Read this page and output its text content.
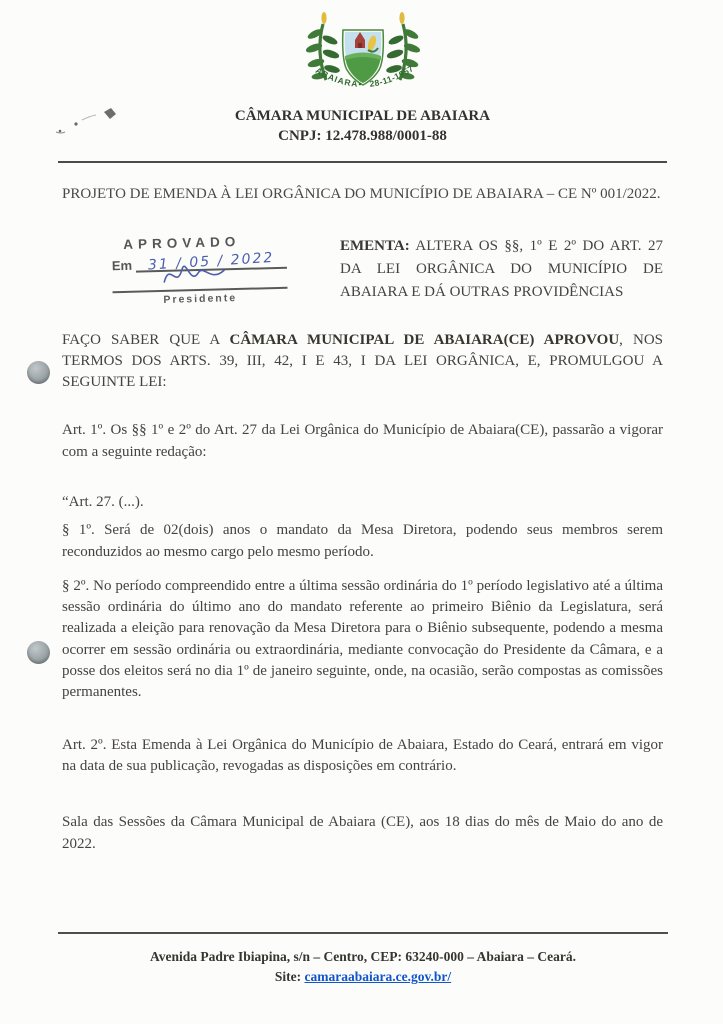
ABAIARA • 28-11-1957
CÂMARA MUNICIPAL DE ABAIARA
CNPJ: 12.478.988/0001-88

PROJETO DE EMENDA À LEI ORGÂNICA DO MUNICÍPIO DE ABAIARA – CE Nº 001/2022.

APROVADO
Em	31 / 05 / 2022
Presidente
EMENTA: ALTERA OS §§, 1º E 2º DO ART. 27 DA LEI ORGÂNICA DO MUNICÍPIO DE ABAIARA E DÁ OUTRAS PROVIDÊNCIAS

FAÇO SABER QUE A CÂMARA MUNICIPAL DE ABAIARA(CE) APROVOU, NOS TERMOS DOS ARTS. 39, III, 42, I E 43, I DA LEI ORGÂNICA, E, PROMULGOU A SEGUINTE LEI:

Art. 1º. Os §§ 1º e 2º do Art. 27 da Lei Orgânica do Município de Abaiara(CE), passarão a vigorar com a seguinte redação:

“Art. 27. (...).

§ 1º. Será de 02(dois) anos o mandato da Mesa Diretora, podendo seus membros serem reconduzidos ao mesmo cargo pelo mesmo período.

§ 2º. No período compreendido entre a última sessão ordinária do 1º período legislativo até a última sessão ordinária do último ano do mandato referente ao primeiro Biênio da Legislatura, será realizada a eleição para renovação da Mesa Diretora para o Biênio subsequente, podendo a mesma ocorrer em sessão ordinária ou extraordinária, mediante convocação do Presidente da Câmara, e a posse dos eleitos será no dia 1º de janeiro seguinte, onde, na ocasião, serão compostas as comissões permanentes.

Art. 2º. Esta Emenda à Lei Orgânica do Município de Abaiara, Estado do Ceará, entrará em vigor na data de sua publicação, revogadas as disposições em contrário.

Sala das Sessões da Câmara Municipal de Abaiara (CE), aos 18 dias do mês de Maio do ano de 2022.

Avenida Padre Ibiapina, s/n – Centro, CEP: 63240-000 – Abaiara – Ceará.
Site: camaraabaiara.ce.gov.br/
